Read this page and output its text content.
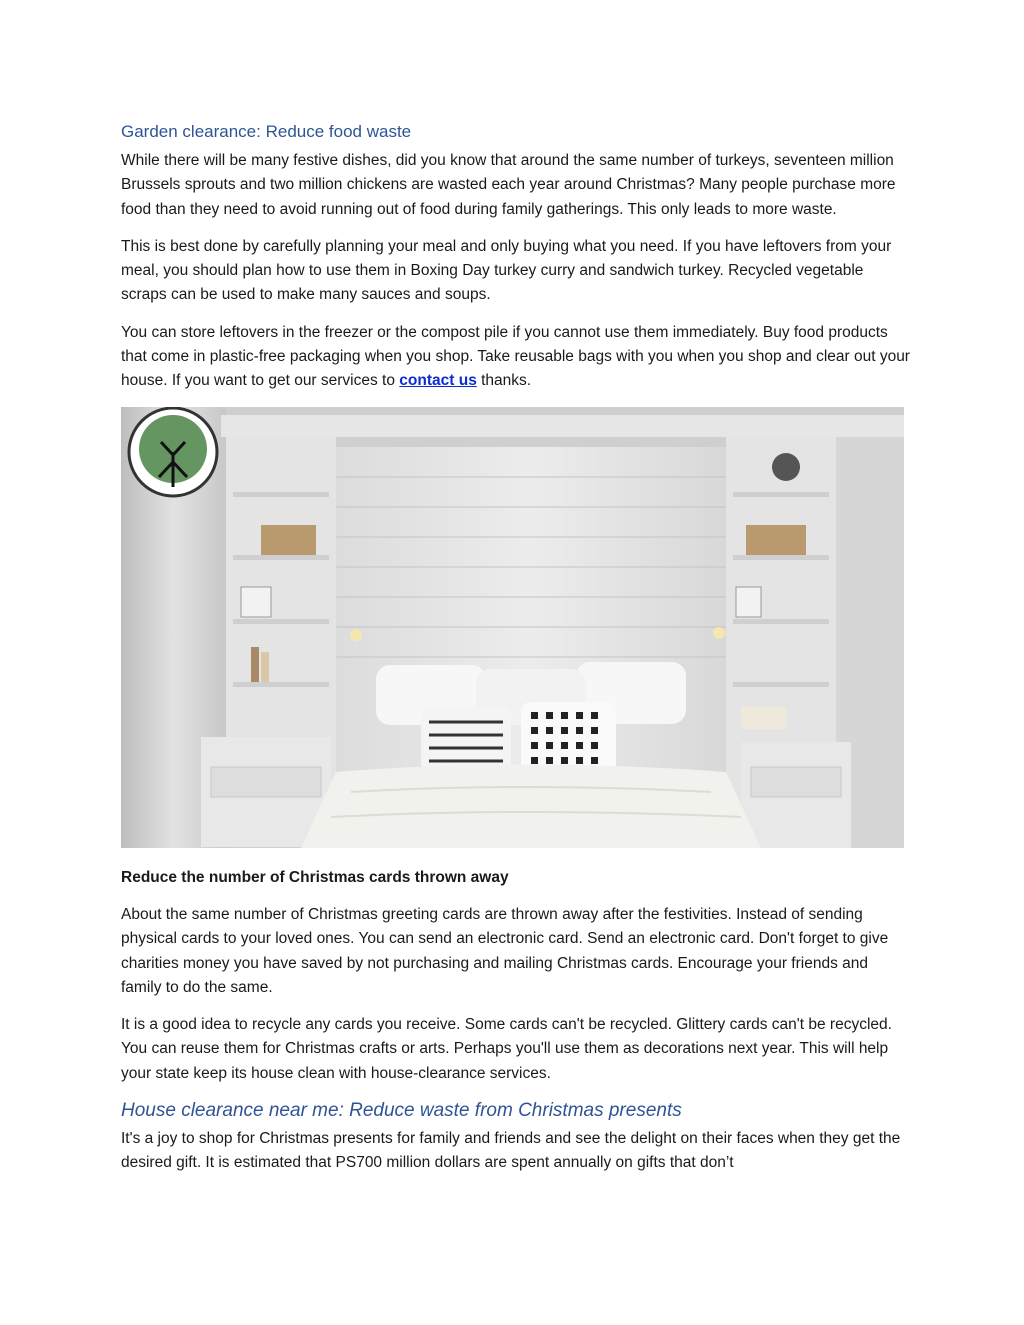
Garden clearance: Reduce food waste

While there will be many festive dishes, did you know that around the same number of turkeys, seventeen million Brussels sprouts and two million chickens are wasted each year around Christmas? Many people purchase more food than they need to avoid running out of food during family gatherings. This only leads to more waste.

This is best done by carefully planning your meal and only buying what you need. If you have leftovers from your meal, you should plan how to use them in Boxing Day turkey curry and sandwich turkey. Recycled vegetable scraps can be used to make many sauces and soups.

You can store leftovers in the freezer or the compost pile if you cannot use them immediately. Buy food products that come in plastic-free packaging when you shop. Take reusable bags with you when you shop and clear out your house. If you want to get our services to contact us thanks.

Reduce the number of Christmas cards thrown away

About the same number of Christmas greeting cards are thrown away after the festivities. Instead of sending physical cards to your loved ones. You can send an electronic card. Send an electronic card. Don't forget to give charities money you have saved by not purchasing and mailing Christmas cards. Encourage your friends and family to do the same.

It is a good idea to recycle any cards you receive. Some cards can't be recycled. Glittery cards can't be recycled. You can reuse them for Christmas crafts or arts. Perhaps you'll use them as decorations next year. This will help your state keep its house clean with house-clearance services.

House clearance near me: Reduce waste from Christmas presents

It's a joy to shop for Christmas presents for family and friends and see the delight on their faces when they get the desired gift. It is estimated that PS700 million dollars are spent annually on gifts that don’t
